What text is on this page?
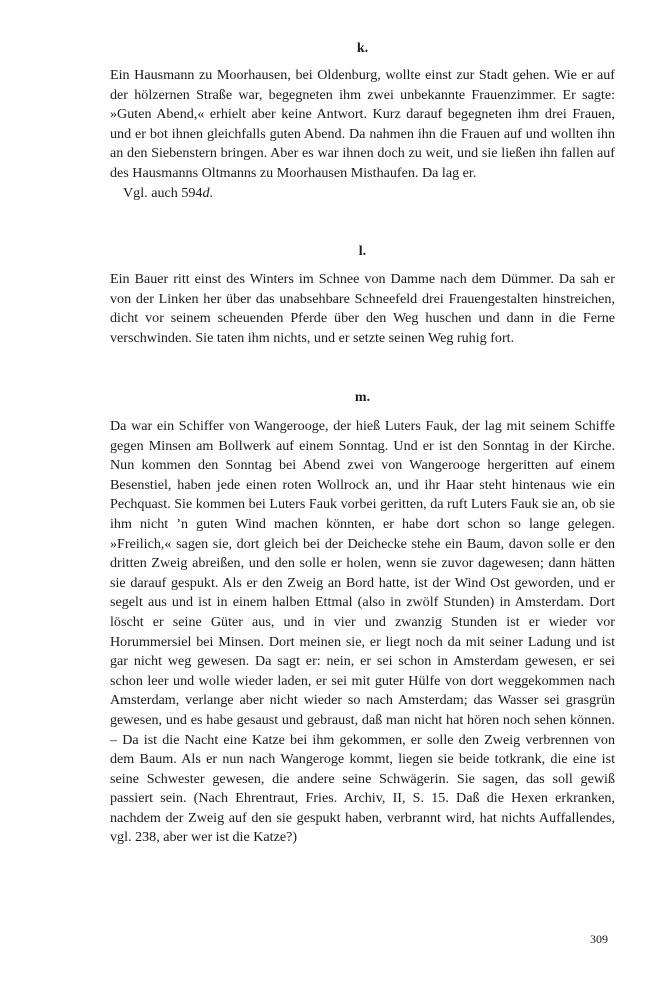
k.

Ein Hausmann zu Moorhausen, bei Oldenburg, wollte einst zur Stadt gehen. Wie er auf der hölzernen Straße war, begegneten ihm zwei unbekannte Frauenzimmer. Er sagte: »Guten Abend,« erhielt aber keine Antwort. Kurz darauf begegneten ihm drei Frauen, und er bot ihnen gleichfalls guten Abend. Da nahmen ihn die Frauen auf und wollten ihn an den Siebenstern bringen. Aber es war ihnen doch zu weit, und sie ließen ihn fallen auf des Hausmanns Oltmanns zu Moorhausen Misthaufen. Da lag er.

Vgl. auch 594d.

l.

Ein Bauer ritt einst des Winters im Schnee von Damme nach dem Dümmer. Da sah er von der Linken her über das unabsehbare Schneefeld drei Frauengestalten hinstreichen, dicht vor seinem scheuenden Pferde über den Weg huschen und dann in die Ferne verschwinden. Sie taten ihm nichts, und er setzte seinen Weg ruhig fort.

m.

Da war ein Schiffer von Wangerooge, der hieß Luters Fauk, der lag mit seinem Schiffe gegen Minsen am Bollwerk auf einem Sonntag. Und er ist den Sonntag in der Kirche. Nun kommen den Sonntag bei Abend zwei von Wangerooge hergeritten auf einem Besenstiel, haben jede einen roten Wollrock an, und ihr Haar steht hintenaus wie ein Pechquast. Sie kommen bei Luters Fauk vorbei geritten, da ruft Luters Fauk sie an, ob sie ihm nicht ’n guten Wind machen könnten, er habe dort schon so lange gelegen. »Freilich,« sagen sie, dort gleich bei der Deichecke stehe ein Baum, davon solle er den dritten Zweig abreißen, und den solle er holen, wenn sie zuvor dagewesen; dann hätten sie darauf gespukt. Als er den Zweig an Bord hatte, ist der Wind Ost geworden, und er segelt aus und ist in einem halben Ettmal (also in zwölf Stunden) in Amsterdam. Dort löscht er seine Güter aus, und in vier und zwanzig Stunden ist er wieder vor Horummersiel bei Minsen. Dort meinen sie, er liegt noch da mit seiner Ladung und ist gar nicht weg gewesen. Da sagt er: nein, er sei schon in Amsterdam gewesen, er sei schon leer und wolle wieder laden, er sei mit guter Hülfe von dort weggekommen nach Amsterdam, verlange aber nicht wieder so nach Amsterdam; das Wasser sei grasgrün gewesen, und es habe gesaust und gebraust, daß man nicht hat hören noch sehen können. – Da ist die Nacht eine Katze bei ihm gekommen, er solle den Zweig verbrennen von dem Baum. Als er nun nach Wangeroge kommt, liegen sie beide totkrank, die eine ist seine Schwester gewesen, die andere seine Schwägerin. Sie sagen, das soll gewiß passiert sein. (Nach Ehrentraut, Fries. Archiv, II, S. 15. Daß die Hexen erkranken, nachdem der Zweig auf den sie gespukt haben, verbrannt wird, hat nichts Auffallendes, vgl. 238, aber wer ist die Katze?)

309
